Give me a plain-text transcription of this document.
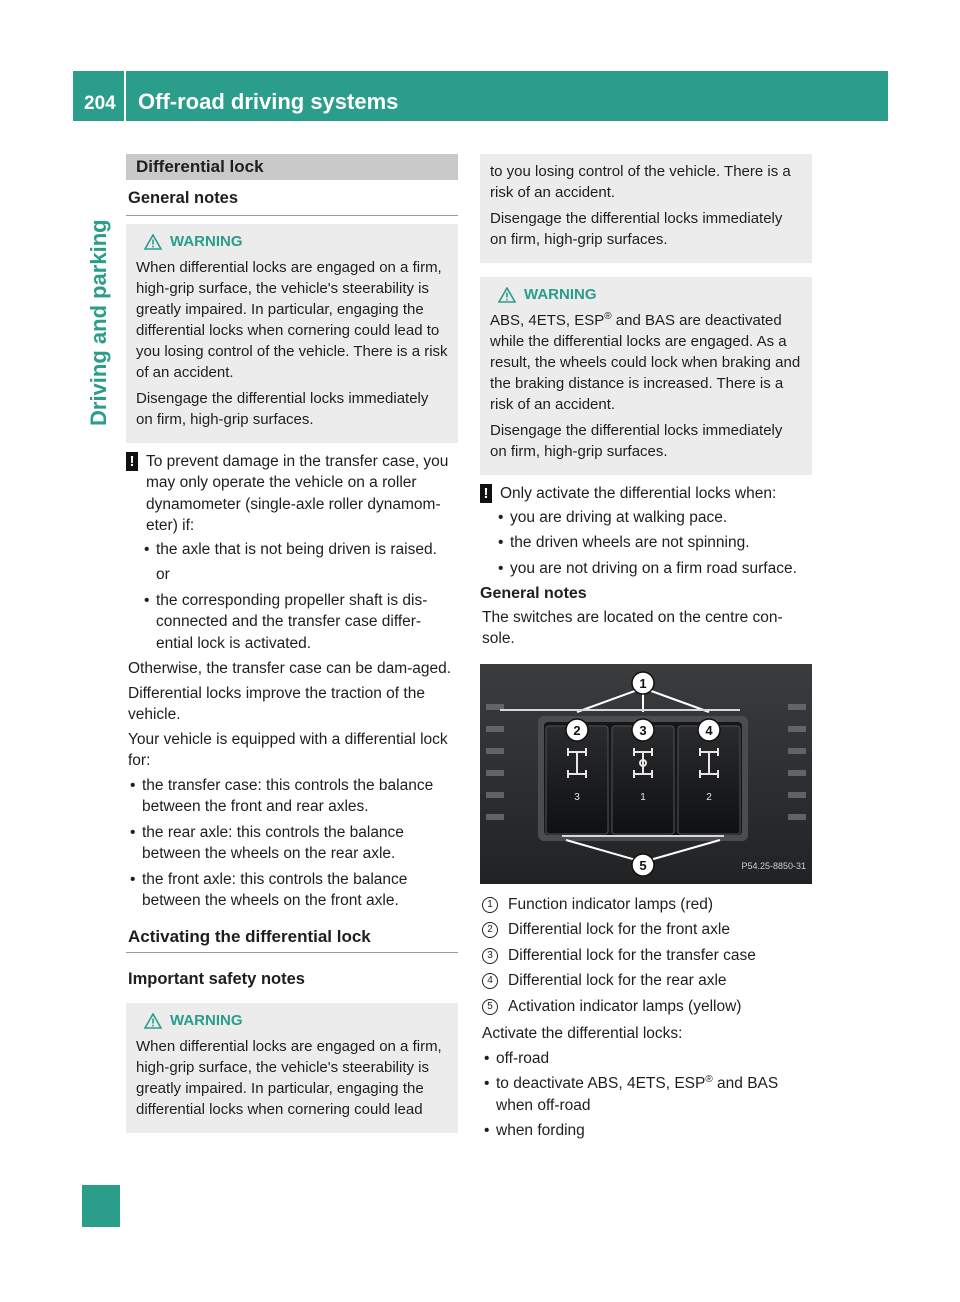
204 Off-road driving systems
Driving and parking
Differential lock
General notes
WARNING

When differential locks are engaged on a firm, high-grip surface, the vehicle's steerability is greatly impaired. In particular, engaging the differential locks when cornering could lead to you losing control of the vehicle. There is a risk of an accident.

Disengage the differential locks immediately on firm, high-grip surfaces.

! To prevent damage in the transfer case, you may only operate the vehicle on a roller dynamometer (single-axle roller dynamom-eter) if:
• the axle that is not being driven is raised.
or
• the corresponding propeller shaft is dis-connected and the transfer case differ-ential lock is activated.

Otherwise, the transfer case can be dam-aged.

Differential locks improve the traction of the vehicle.

Your vehicle is equipped with a differential lock for:

• the transfer case: this controls the balance between the front and rear axles.
• the rear axle: this controls the balance between the wheels on the rear axle.
• the front axle: this controls the balance between the wheels on the front axle.
Activating the differential lock
Important safety notes
WARNING

When differential locks are engaged on a firm, high-grip surface, the vehicle's steerability is greatly impaired. In particular, engaging the differential locks when cornering could lead

to you losing control of the vehicle. There is a risk of an accident.

Disengage the differential locks immediately on firm, high-grip surfaces.

WARNING

ABS, 4ETS, ESP® and BAS are deactivated while the differential locks are engaged. As a result, the wheels could lock when braking and the braking distance is increased. There is a risk of an accident.

Disengage the differential locks immediately on firm, high-grip surfaces.

! Only activate the differential locks when:
• you are driving at walking pace.
• the driven wheels are not spinning.
• you are not driving on a firm road surface.
General notes

The switches are located on the centre con-sole.

3	1	2
1
2	3	4
5	P54.25-8850-31
1 Function indicator lamps (red)
2 Differential lock for the front axle
3 Differential lock for the transfer case
4 Differential lock for the rear axle
5 Activation indicator lamps (yellow)

Activate the differential locks:

• off-road
• to deactivate ABS, 4ETS, ESP® and BAS when off-road
• when fording
